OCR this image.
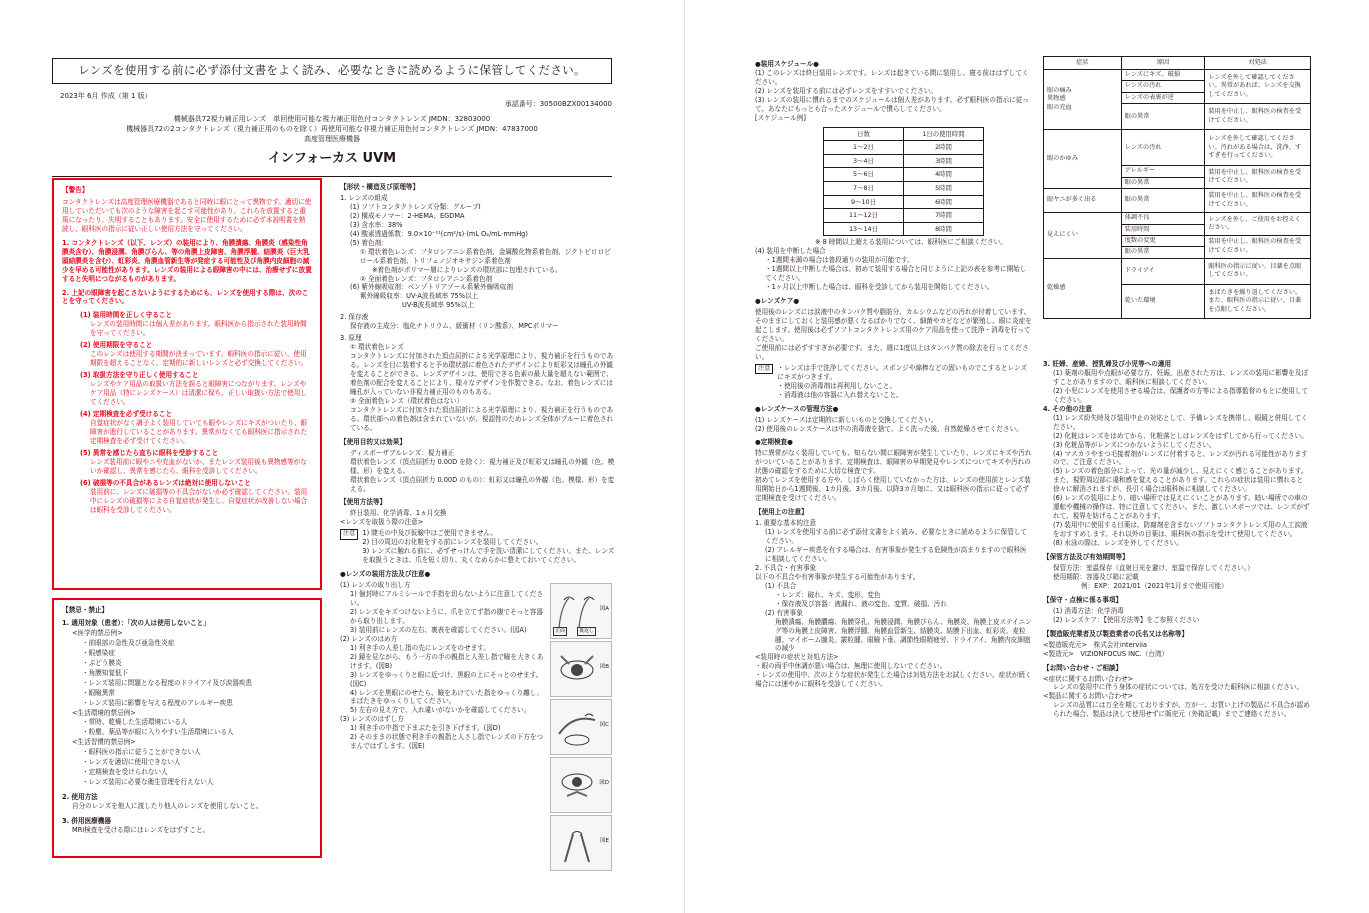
レンズを使用する前に必ず添付文書をよく読み、必要なときに読めるように保管してください。
2023年 6月 作成（第 1 版）
承認番号：30500BZX00134000
機械器具72視力補正用レンズ　単回使用可能な視力補正用色付コンタクトレンズ JMDN：32803000
機械器具72の2コンタクトレンズ（視力補正用のものを除く）再使用可能な非視力補正用色付コンタクトレンズ JMDN：47837000
高度管理医療機器
インフォーカス UVM
【警告】

コンタクトレンズは高度管理医療機器であると同時に眼にとって異物です。適切に使用していただいても次のような障害を起こす可能性があり、これらを放置すると重篤になったり、失明することもあります。安全に使用するために必ず本説明書を熟読し、眼科医の指示に従い正しい使用方法を守ってください。

1. コンタクトレンズ（以下、レンズ）の装用により、角膜潰瘍、角膜炎（感染性角膜炎含む）、角膜浸潤、角膜びらん、等の角膜上皮障害、角膜浮腫、結膜炎（巨大乳頭結膜炎を含む）、虹彩炎、角膜血管新生等が発症する可能性及び角膜内皮細胞の減少を早める可能性があります。レンズの装用による眼障害の中には、治療せずに放置すると失明につながるものがあります。

2. 上記の眼障害を起こさないようにするためにも、レンズを使用する際は、次のことを守ってください。

(1) 装用時間を正しく守ること
レンズの装用時間には個人差があります。眼科医から指示された装用時間を守ってください。
(2) 使用期限を守ること
このレンズは使用する期間が決まっています。眼科医の指示に従い、使用期限を超えることなく、定期的に新しいレンズと必ず交換してください。
(3) 取扱方法を守り正しく使用すること
レンズやケア用品の取扱い方法を誤ると眼障害につながります。レンズやケア用品（特にレンズケース）は清潔に保ち、正しい取扱い方法で使用してください。
(4) 定期検査を必ず受けること
自覚症状がなく調子よく装用していても眼やレンズにキズがついたり、眼障害が進行していることがあります。異常がなくても眼科医に指示された定期検査を必ず受けてください。
(5) 異常を感じたら直ちに眼科を受診すること
レンズ装用前に眼やニや充血がないか、またレンズ装用後も異物感等がないか確認し、異常を感じたら、眼科を受診してください。
(6) 破損等の不具合があるレンズは絶対に使用しないこと
装用前に、レンズに破損等の不具合がないか必ず確認してください。装用中にレンズの破損等による自覚症状が発生し、自覚症状が改善しない場合は眼科を受診してください。
【禁忌・禁止】
1. 適用対象（患者）：「次の人は使用しないこと」
<医学的禁忌例>
・前眼部の急性及び亜急性炎症
・眼感染症
・ぶどう膜炎
・角膜知覚低下
・レンズ装用に問題となる程度のドライアイ及び涙器疾患
・眼瞼異常
・レンズ装用に影響を与える程度のアレルギー疾患
<生活環境的禁忌例>
・常時、乾燥した生活環境にいる人
・粉塵、薬品等が眼に入りやすい生活環境にいる人
<生活習慣的禁忌例>
・眼科医の指示に従うことができない人
・レンズを適切に使用できない人
・定期検査を受けられない人
・レンズ装用に必要な衛生管理を行えない人
2. 使用方法
自分のレンズを他人に渡したり他人のレンズを使用しないこと。
3. 併用医療機器
MRI検査を受ける際にはレンズをはずすこと。
【形状・構造及び原理等】
1. レンズの組成
(1) ソフトコンタクトレンズ分類：グループⅠ
(2) 構成モノマー：2-HEMA、EGDMA
(3) 含水率：38%
(4) 酸素透過係数：9.0×10⁻¹¹(cm²/s)·(mL O₂/mL·mmHg)
(5) 着色剤：
① 環状着色レンズ：フタロシアニン系着色剤、金属酸化物系着色剤、ジクトビロロピロール系着色剤、トリフェノジオキサジン系着色剤
※着色剤がポリマー層によりレンズの環状部に包埋されている。
② 全面着色レンズ：フタロシアニン系着色剤
(6) 紫外線吸収剤：ベンゾトリアゾール系紫外線吸収剤
紫外線吸収率：UV-A波長域率 75%以上
UV-B波長域率 95%以上
2. 保存液
保存液の主成分：塩化ナトリウム、緩衝材（リン酸系）、MPCポリマー
3. 原理
① 環状着色レンズ
コンタクトレンズに付加された頂点屈折による光学原理により、視力補正を行うものである。レンズを目に装着すると予め環状部に着色されたデザインにより虹彩又は瞳孔の外観を変えることができる。レンズデザインは、使用できる色素の最大量を超えない範囲で、着色剤の配合を変えることにより、様々なデザインを作製できる。なお、着色レンズには瞳孔が入っていない非視力補正用のものもある。
② 全面着色レンズ（環状着色はない）
コンタクトレンズに付加された頂点屈折による光学原理により、視力補正を行うものである。環状部への着色剤は含まれていないが、視認性のためレンズ全体がブルーに着色されている。
【使用目的又は効果】
ディスポーザブルレンズ：視力補正
環状着色レンズ（頂点屈折力 0.00D を除く）：視力補正及び虹彩又は瞳孔の外観（色、模様、形）を変える。
環状着色レンズ（頂点屈折力 0.00D のもの）：虹彩又は瞳孔の外観（色、模様、形）を変える。
【使用方法等】
終日装用、化学消毒、1ヵ月交換
<レンズを取扱う際の注意>
注意	1) 睫毛の中及び仮瞼中はご使用できません。
2) 目の周辺のお化粧をする前にレンズを装用してください。
3) レンズに触れる前に、必ずせっけんで手を洗い清潔にしてください。また、レンズを取扱うときは、爪を短く切り、丸くなめらかに整えておいてください。
●レンズの装用方法及び注意●
(1) レンズの取り出し方
1) 個封時にアルミシールで手指を切らないように注意してください。
2) レンズをキズつけないように、爪を立てず指の腹でそっと容器から取り出します。
3) 装用前にレンズの左右、裏表を確認してください。(図A)
(2) レンズのはめ方
1) 利き手の人差し指の先にレンズをのせます。
2) 鏡を見ながら、もう一方の手の親指と人差し指で瞼を大きくあけます。(図B)
3) レンズをゆっくりと眼に近づけ、黒眼の上にそっとのせます。(図C)
4) レンズを黒眼にのせたら、瞼をあけていた指をゆっくり離し、まばたきをゆっくりしてください。
5) 左右の見え方で、入れ違いがないかを確認してください。
(3) レンズのはずし方
1) 利き手の中指で下まぶたを引き下げます。(図D)
2) そのままの状態で利き手の親指と人さし指でレンズの下方をつまんではずします。(図E)
正面	裏返し
図A
図B
図C
図D
図E
●装用スケジュール●
(1) このレンズは終日装用レンズです。レンズは起きている間に装用し、寝る前ははずしてください。
(2) レンズを装用する前には必ずレンズをすすいでください。
(3) レンズの装用に慣れるまでのスケジュールは個人差があります。必ず眼科医の指示に従って、あなたにもっとも合ったスケジュールで慣らしてください。
[スケジュール例]
日数	1日の使用時間
1～2日	2時間
3～4日	3時間
5～6日	4時間
7～8日	5時間
9～10日	6時間
11～12日	7時間
13～14日	8時間
※ 8 時間以上超える装用については、眼科医にご相談ください。
(4) 装用を中断した場合
・1週間未満の場合は普段通りの装用が可能です。
・1週間以上中断した場合は、初めて装用する場合と同じように上記の表を参考に開始してください。
・1ヶ月以上中断した場合は、眼科を受診してから装用を開始してください。
●レンズケア●
使用後のレンズには涙液中のタンパク質や脂肪分、カルシウムなどの汚れが付着しています。そのままにしておくと装用感が悪くなるばかりでなく、細菌やカビなどが繁殖し、眼に炎症を起こします。使用後は必ずソフトコンタクトレンズ用のケア用品を使って洗浄・消毒を行ってください。
ご使用前には必ずすすぎが必要です。また、週に1度以上はタンパク質の除去を行ってください。
注意	・レンズは手で洗浄してください。スポンジや綿棒などの固いものでこするとレンズにキズがつきます。
・使用後の消毒剤は再利用しないこと。
・消毒液は他の容器に入れ替えないこと。
●レンズケースの管理方法●
(1) レンズケースは定期的に新しいものと交換してください。
(2) 使用後のレンズケースは中の消毒液を捨て、よく洗った後、自然乾燥させてください。
●定期検査●
特に異常がなく装用していても、知らない間に眼障害が発生していたり、レンズにキズや汚れがついていることがあります。定期検査は、眼障害の早期発見やレンズについてキズや汚れの状態の確認をするために大切な検査です。
初めてレンズを使用する方や、しばらく使用していなかった方は、レンズの使用前とレンズ装用開始日から1週間後、1カ月後、3カ月後、以降3カ月毎に、又は眼科医の指示に従って必ず定期検査を受けてください。
【使用上の注意】
1. 重要な基本的注意
(1) レンズを使用する前に必ず添付文書をよく読み、必要なときに読めるように保管してください。
(2) アレルギー疾患を有する場合は、有害事象が発生する危険性が高まりますので眼科医に相談してください。
2. 不具合・有害事象
以下の不具合や有害事象が発生する可能性があります。
(1) 不具合
・レンズ：破れ、キズ、変形、変色
・保存液及び容器：液漏れ、液の変色、変質、破損、汚れ
(2) 有害事象
角膜潰瘍、角膜膿瘍、角膜穿孔、角膜浸潤、角膜びらん、角膜炎、角膜上皮ステイニング等の角膜上皮障害、角膜浮腫、角膜血管新生、結膜炎、結膜下出血、虹彩炎、麦粒腫、マイボーム腺炎、霰粒腫、眼瞼下垂、調節性眼精疲労、ドライアイ、角膜内皮細胞の減少
<装用時の症状と対処方法>
・眼の両手中休調が悪い場合は、無理に使用しないでください。
・レンズの使用中、次のような症状が発生した場合は対処方法をお試しください。症状が続く場合には速やかに眼科を受診してください。
症状	原因	対処法
眼の痛み
異物感
眼の充血	レンズにキズ、破損	レンズを外して確認してください。異常があれば、レンズを交換してください。
	レンズの汚れ	
	レンズの表裏が逆	
	眼の異常	装用を中止し、眼科医の検査を受けてください。
眼のかゆみ	レンズの汚れ	レンズを外して確認してください。汚れがある場合は、洗浄、すすぎを行ってください。
	アレルギー	装用を中止し、眼科医の検査を受けてください。
	眼の異常	
眼ヤニが多く出る	眼の異常	装用を中止し、眼科医の検査を受けてください。
見えにくい	体調不良	レンズを外し、ご使用をお控えください。
	装用時間	
	度数の変更	装用を中止し、眼科医の検査を受けてください。
	眼の異常	
乾燥感	ドライアイ	眼科医の指示に従い、目薬を点眼してください。
	乾いた環境	まばたきを繰り返してください。また、眼科医の指示に従い、目薬を点眼してください。
3. 妊婦、産婦、授乳婦及び小児等への適用
(1) 薬剤の服用や点眼が必要な方、妊娠、出産された方は、レンズの装用に影響を及ぼすことがありますので、眼科医に相談してください。
(2) 小児にレンズを使用させる場合は、保護者の方等による指導監督のもとに使用してください。
4. その他の注意
(1) レンズ紛失時及び装用中止の対応として、予備レンズを携帯し、眼鏡と併用してください。
(2) 化粧はレンズをはめてから、化粧落としはレンズをはずしてから行ってください。
(3) 化粧品等がレンズにつかないようにしてください。
(4) マスカラやまつ毛接着剤がレンズに付着すると、レンズが汚れる可能性がありますので、ご注意ください。
(5) レンズの着色部分によって、光の量が減少し、見えにくく感じることがあります。また、視野周辺部に違和感を覚えることがあります。これらの症状は装用に慣れると徐々に解消されますが、長引く場合は眼科医に相談してください。
(6) レンズの装用により、暗い場所では見えにくいことがあります。暗い場所での車の運転や機械の操作は、特に注意してください。また、激しいスポーツでは、レンズがずれて、視界を妨げることがあります。
(7) 装用中に使用する目薬は、防腐剤を含まないソフトコンタクトレンズ用の人工涙液をおすすめします。それ以外の目薬は、眼科医の指示を受けて使用してください。
(8) 水泳の際は、レンズを外してください。
【保管方法及び有効期間等】
保管方法：室温保存（直射日光を避け、室温で保存してください。）
使用期限：容器及び箱に記載
例：EXP：2021/01（2021年1月まで使用可能）
【保守・点検に係る事項】
(1) 消毒方法：化学消毒
(2) レンズケア：【使用方法等】をご参照ください
【製造販売業者及び製造業者の氏名又は名称等】
<製造販売元>　株式会社interviia
<製造元>　VIZIONFOCUS INC.（台湾）
【お問い合わせ・ご相談】
<症状に関するお問い合わせ>
レンズの装用中に伴う身体の症状については、処方を受けた眼科医に相談ください。
<製品に関するお問い合わせ>
レンズの品質には万全を期しておりますが、万が一、お買い上げの製品に不具合が認められた場合、製品は決して使用せずに販売元（外箱記載）までご連絡ください。
